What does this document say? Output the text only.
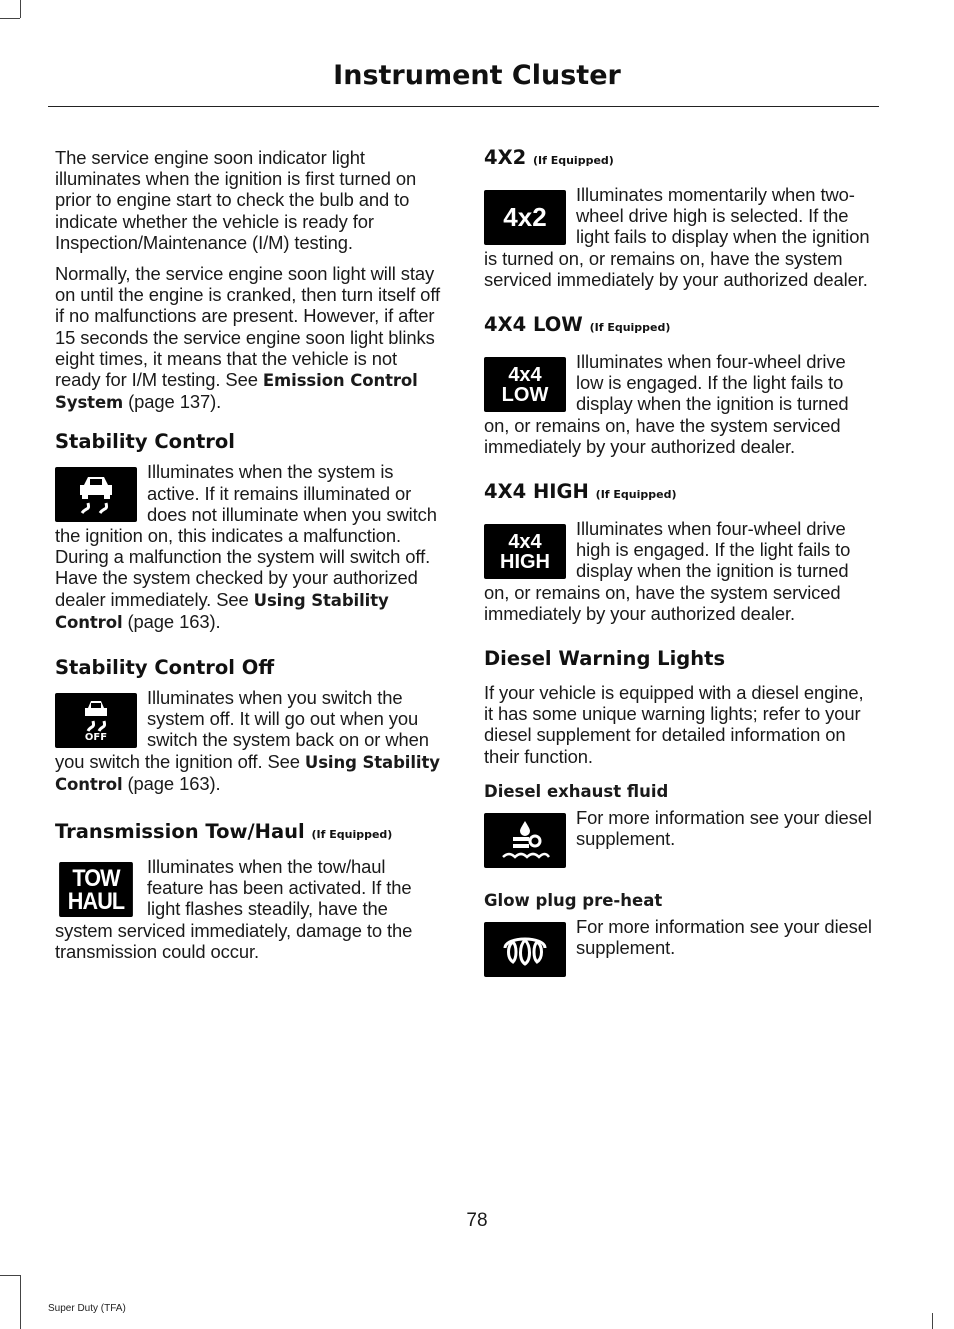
Instrument Cluster

The service engine soon indicator light illuminates when the ignition is first turned on prior to engine start to check the bulb and to indicate whether the vehicle is ready for Inspection/Maintenance (I/M) testing.

Normally, the service engine soon light will stay on until the engine is cranked, then turn itself off if no malfunctions are present. However, if after 15 seconds the service engine soon light blinks eight times, it means that the vehicle is not ready for I/M testing. See Emission Control System (page 137).

Stability Control

Illuminates when the system is active. If it remains illuminated or does not illuminate when you switch the ignition on, this indicates a malfunction. During a malfunction the system will switch off. Have the system checked by your authorized dealer immediately. See Using Stability Control (page 163).

Stability Control Off
OFF

Illuminates when you switch the system off. It will go out when you switch the system back on or when you switch the ignition off. See Using Stability Control (page 163).

Transmission Tow/Haul (If Equipped)
TOW
HAUL

Illuminates when the tow/haul feature has been activated. If the light flashes steadily, have the system serviced immediately, damage to the transmission could occur.

4X2 (If Equipped)
4x2

Illuminates momentarily when two-wheel drive high is selected. If the light fails to display when the ignition is turned on, or remains on, have the system serviced immediately by your authorized dealer.

4X4 LOW (If Equipped)
4x4
LOW

Illuminates when four-wheel drive low is engaged. If the light fails to display when the ignition is turned on, or remains on, have the system serviced immediately by your authorized dealer.

4X4 HIGH (If Equipped)
4x4
HIGH

Illuminates when four-wheel drive high is engaged. If the light fails to display when the ignition is turned on, or remains on, have the system serviced immediately by your authorized dealer.

Diesel Warning Lights

If your vehicle is equipped with a diesel engine, it has some unique warning lights; refer to your diesel supplement for detailed information on their function.

Diesel exhaust fluid

For more information see your diesel supplement.

Glow plug pre-heat

For more information see your diesel supplement.

78
Super Duty (TFA)
